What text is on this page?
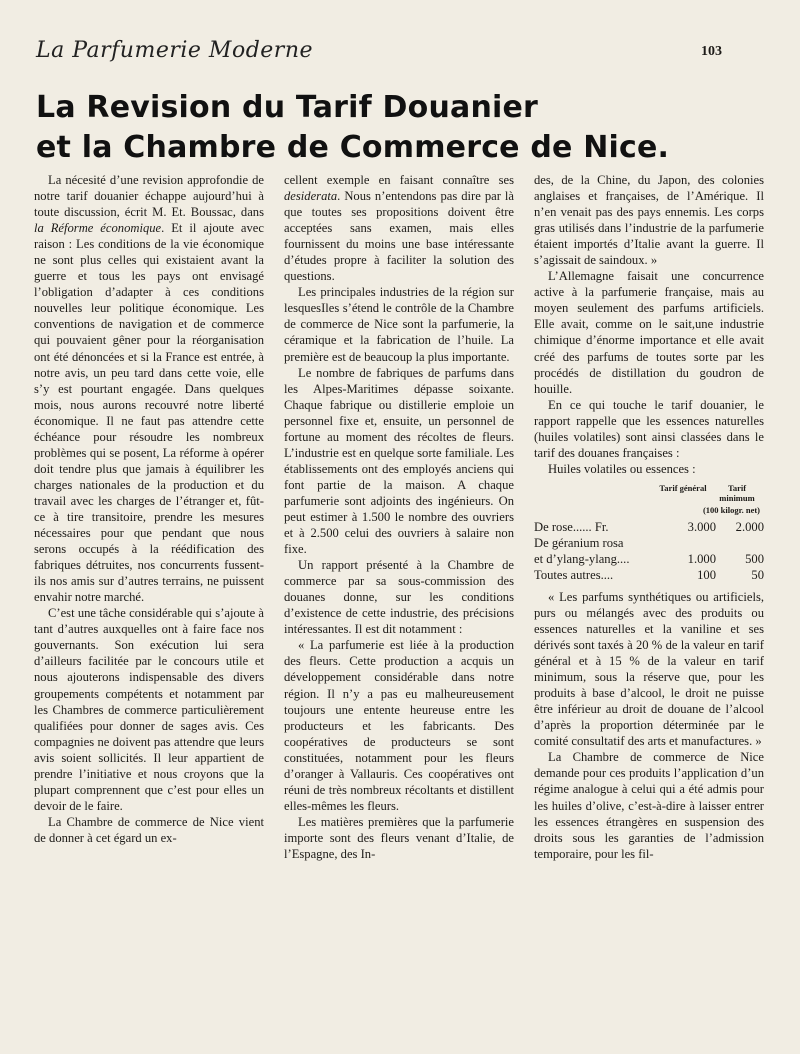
La Parfumerie Moderne	103
La Revision du Tarif Douanier
et la Chambre de Commerce de Nice.

La nécesité d’une revision approfondie de notre tarif douanier échappe aujourd’hui à toute discussion, écrit M. Et. Boussac, dans la Réforme économique. Et il ajoute avec raison : Les conditions de la vie économique ne sont plus celles qui existaient avant la guerre et tous les pays ont envisagé l’obligation d’adapter à ces conditions nouvelles leur politique économique. Les conventions de navigation et de commerce qui pouvaient gêner pour la réorganisation ont été dénoncées et si la France est entrée, à notre avis, un peu tard dans cette voie, elle s’y est pourtant engagée. Dans quelques mois, nous aurons recouvré notre liberté économique. Il ne faut pas attendre cette échéance pour résoudre les nombreux problèmes qui se posent, La réforme à opérer doit tendre plus que jamais à équilibrer les charges nationales de la production et du travail avec les charges de l’étranger et, fût-ce à tire transitoire, prendre les mesures nécessaires pour que pendant que nous serons occupés à la réédification des fabriques détruites, nos concurrents fussent-ils nos amis sur d’autres terrains, ne puissent envahir notre marché.

C’est une tâche considérable qui s’ajoute à tant d’autres auxquelles ont à faire face nos gouvernants. Son exécution lui sera d’ailleurs facilitée par le concours utile et nous ajouterons indispensable des divers groupements compétents et notamment par les Chambres de commerce particulièrement qualifiées pour donner de sages avis. Ces compagnies ne doivent pas attendre que leurs avis soient sollicités. Il leur appartient de prendre l’initiative et nous croyons que la plupart comprennent que c’est pour elles un devoir de le faire.

La Chambre de commerce de Nice vient de donner à cet égard un ex-

cellent exemple en faisant connaître ses desiderata. Nous n’entendons pas dire par là que toutes ses propositions doivent être acceptées sans examen, mais elles fournissent du moins une base intéressante d’études propre à faciliter la solution des questions.

Les principales industries de la région sur lesquesIles s’étend le contrôle de la Chambre de commerce de Nice sont la parfumerie, la céramique et la fabrication de l’huile. La première est de beaucoup la plus importante.

Le nombre de fabriques de parfums dans les Alpes-Maritimes dépasse soixante. Chaque fabrique ou distillerie emploie un personnel fixe et, ensuite, un personnel de fortune au moment des récoltes de fleurs. L’industrie est en quelque sorte familiale. Les établissements ont des employés anciens qui font partie de la maison. A chaque parfumerie sont adjoints des ingénieurs. On peut estimer à 1.500 le nombre des ouvriers et à 2.500 celui des ouvriers à salaire non fixe.

Un rapport présenté à la Chambre de commerce par sa sous-commission des douanes donne, sur les conditions d’existence de cette industrie, des précisions intéressantes. Il est dit notamment :

« La parfumerie est liée à la production des fleurs. Cette production a acquis un développement considérable dans notre région. Il n’y a pas eu malheureusement toujours une entente heureuse entre les producteurs et les fabricants. Des coopératives de producteurs se sont constituées, notamment pour les fleurs d’oranger à Vallauris. Ces coopératives ont réuni de très nombreux récoltants et distillent elles-mêmes les fleurs.

Les matières premières que la parfumerie importe sont des fleurs venant d’Italie, de l’Espagne, des In-

des, de la Chine, du Japon, des colonies anglaises et françaises, de l’Amérique. Il n’en venait pas des pays ennemis. Les corps gras utilisés dans l’industrie de la parfumerie étaient importés d’Italie avant la guerre. Il s’agissait de saindoux. »

L’Allemagne faisait une concurrence active à la parfumerie française, mais au moyen seulement des parfums artificiels. Elle avait, comme on le sait,une industrie chimique d’énorme importance et elle avait créé des parfums de toutes sorte par les procédés de distillation du goudron de houille.

En ce qui touche le tarif douanier, le rapport rappelle que les essences naturelles (huiles volatiles) sont ainsi classées dans le tarif des douanes françaises :

Huiles volatiles ou essences :

Tarif général	Tarif minimum
(100 kilogr. net)
De rose...... Fr.	3.000	2.000
De géranium rosa
et d’ylang-ylang....	1.000	500
Toutes autres....	100	50

« Les parfums synthétiques ou artificiels, purs ou mélangés avec des produits ou essences naturelles et la vaniline et ses dérivés sont taxés à 20 % de la valeur en tarif général et à 15 % de la valeur en tarif minimum, sous la réserve que, pour les produits à base d’alcool, le droit ne puisse être inférieur au droit de douane de l’alcool d’après la proportion déterminée par le comité consultatif des arts et manufactures. »

La Chambre de commerce de Nice demande pour ces produits l’application d’un régime analogue à celui qui a été admis pour les huiles d’olive, c’est-à-dire à laisser entrer les essences étrangères en suspension des droits sous les garanties de l’admission temporaire, pour les fil-
